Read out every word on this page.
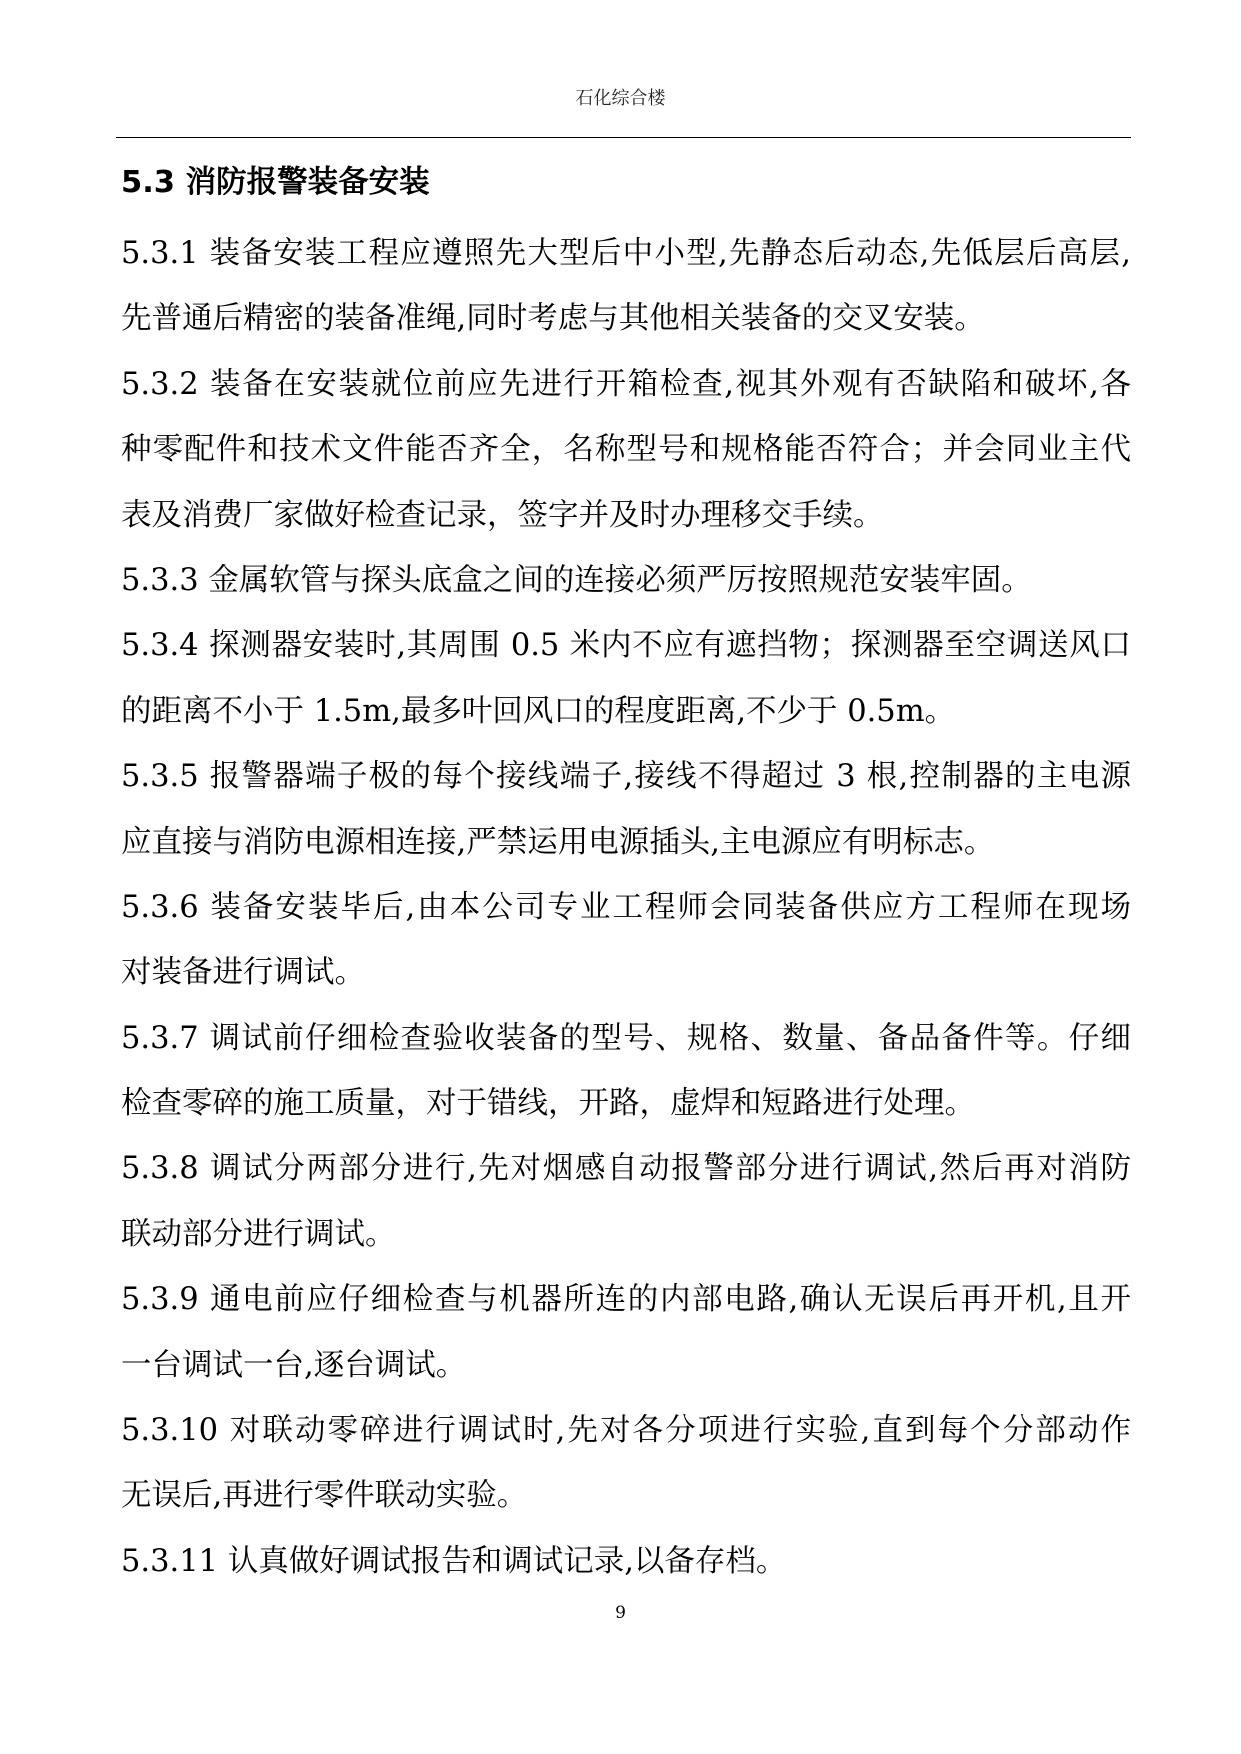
石化综合楼
5.3 消防报警装备安装
5.3.1 装备安装工程应遵照先大型后中小型,先静态后动态,先低层后高层,
先普通后精密的装备准绳,同时考虑与其他相关装备的交叉安装。
5.3.2 装备在安装就位前应先进行开箱检查,视其外观有否缺陷和破坏,各
种零配件和技术文件能否齐全，名称型号和规格能否符合；并会同业主代
表及消费厂家做好检查记录，签字并及时办理移交手续。
5.3.3 金属软管与探头底盒之间的连接必须严厉按照规范安装牢固。
5.3.4 探测器安装时,其周围 0.5 米内不应有遮挡物；探测器至空调送风口
的距离不小于 1.5m,最多叶回风口的程度距离,不少于 0.5m。
5.3.5 报警器端子极的每个接线端子,接线不得超过 3 根,控制器的主电源
应直接与消防电源相连接,严禁运用电源插头,主电源应有明标志。
5.3.6 装备安装毕后,由本公司专业工程师会同装备供应方工程师在现场
对装备进行调试。
5.3.7 调试前仔细检查验收装备的型号、规格、数量、备品备件等。仔细
检查零碎的施工质量，对于错线，开路，虚焊和短路进行处理。
5.3.8 调试分两部分进行,先对烟感自动报警部分进行调试,然后再对消防
联动部分进行调试。
5.3.9 通电前应仔细检查与机器所连的内部电路,确认无误后再开机,且开
一台调试一台,逐台调试。
5.3.10 对联动零碎进行调试时,先对各分项进行实验,直到每个分部动作
无误后,再进行零件联动实验。
5.3.11 认真做好调试报告和调试记录,以备存档。
9
